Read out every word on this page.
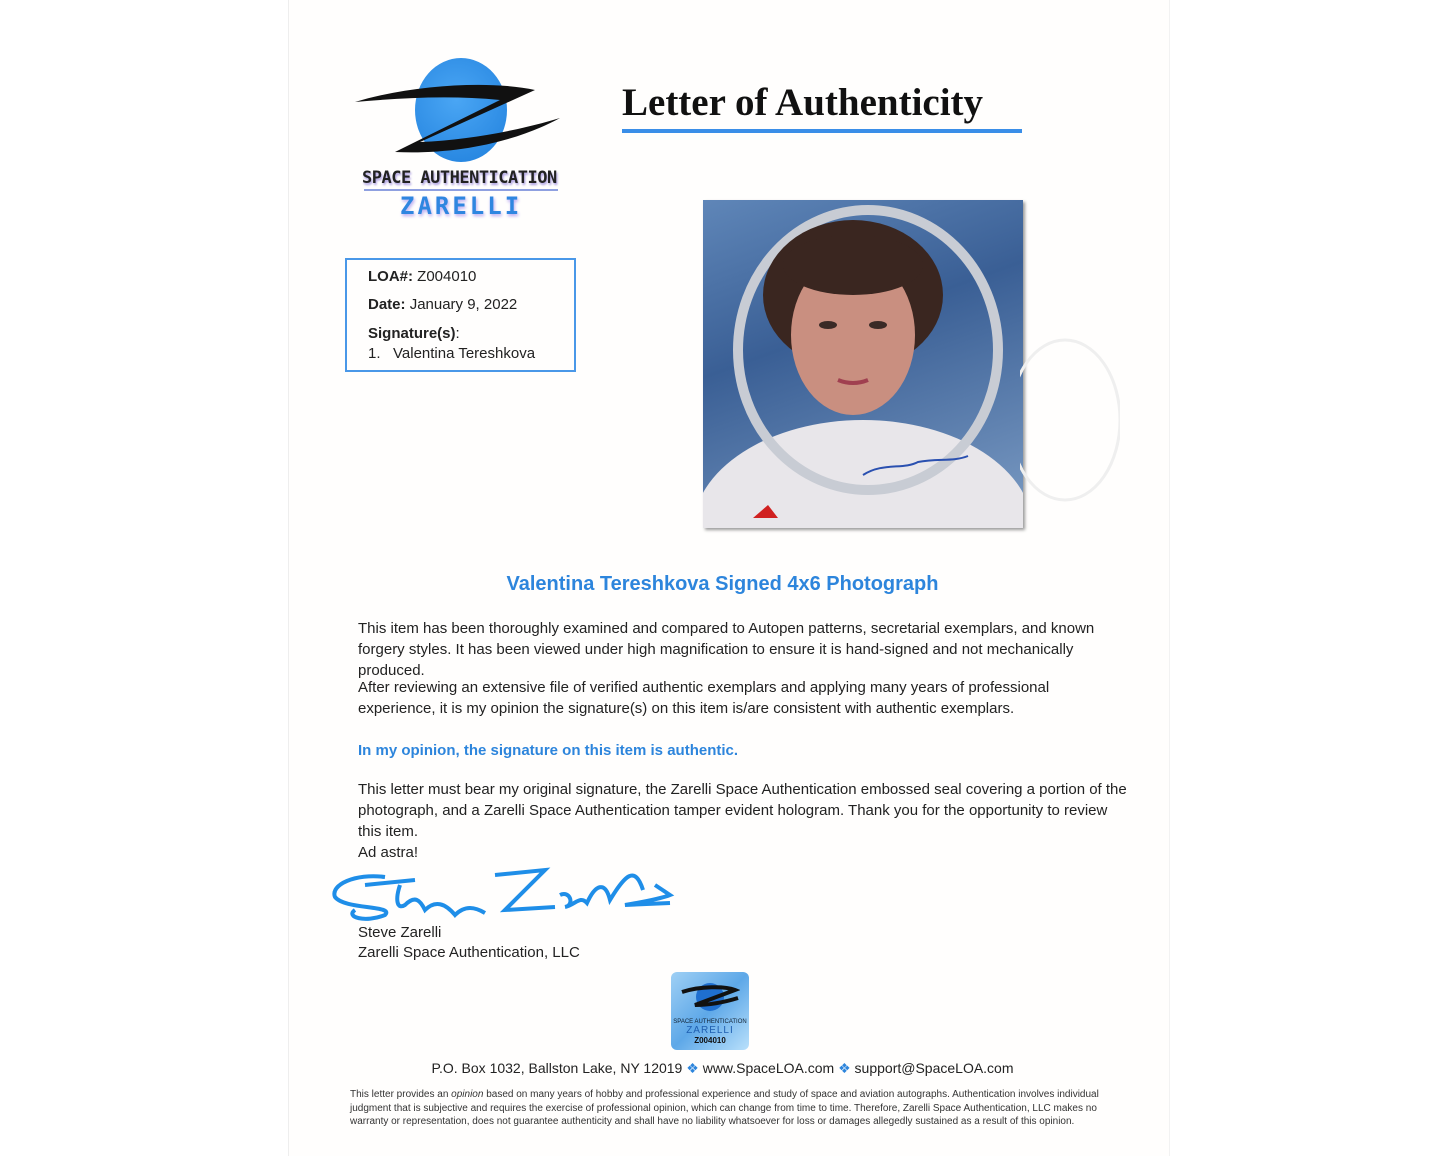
SPACE AUTHENTICATION
ZARELLI
Letter of Authenticity
LOA#: Z004010
Date: January 9, 2022
Signature(s):
1.   Valentina Tereshkova
Valentina Tereshkova Signed 4x6 Photograph
This item has been thoroughly examined and compared to Autopen patterns, secretarial exemplars, and known forgery styles. It has been viewed under high magnification to ensure it is hand-signed and not mechanically produced.
After reviewing an extensive file of verified authentic exemplars and applying many years of professional experience, it is my opinion the signature(s) on this item is/are consistent with authentic exemplars.
In my opinion, the signature on this item is authentic.
This letter must bear my original signature, the Zarelli Space Authentication embossed seal covering a portion of the photograph, and a Zarelli Space Authentication tamper evident hologram. Thank you for the opportunity to review this item.
Ad astra!
Steve Zarelli
Zarelli Space Authentication, LLC
SPACE AUTHENTICATION
ZARELLI
Z004010
P.O. Box 1032, Ballston Lake, NY 12019 ❖ www.SpaceLOA.com ❖ support@SpaceLOA.com
This letter provides an opinion based on many years of hobby and professional experience and study of space and aviation autographs. Authentication involves individual judgment that is subjective and requires the exercise of professional opinion, which can change from time to time. Therefore, Zarelli Space Authentication, LLC makes no warranty or representation, does not guarantee authenticity and shall have no liability whatsoever for loss or damages allegedly sustained as a result of this opinion.
